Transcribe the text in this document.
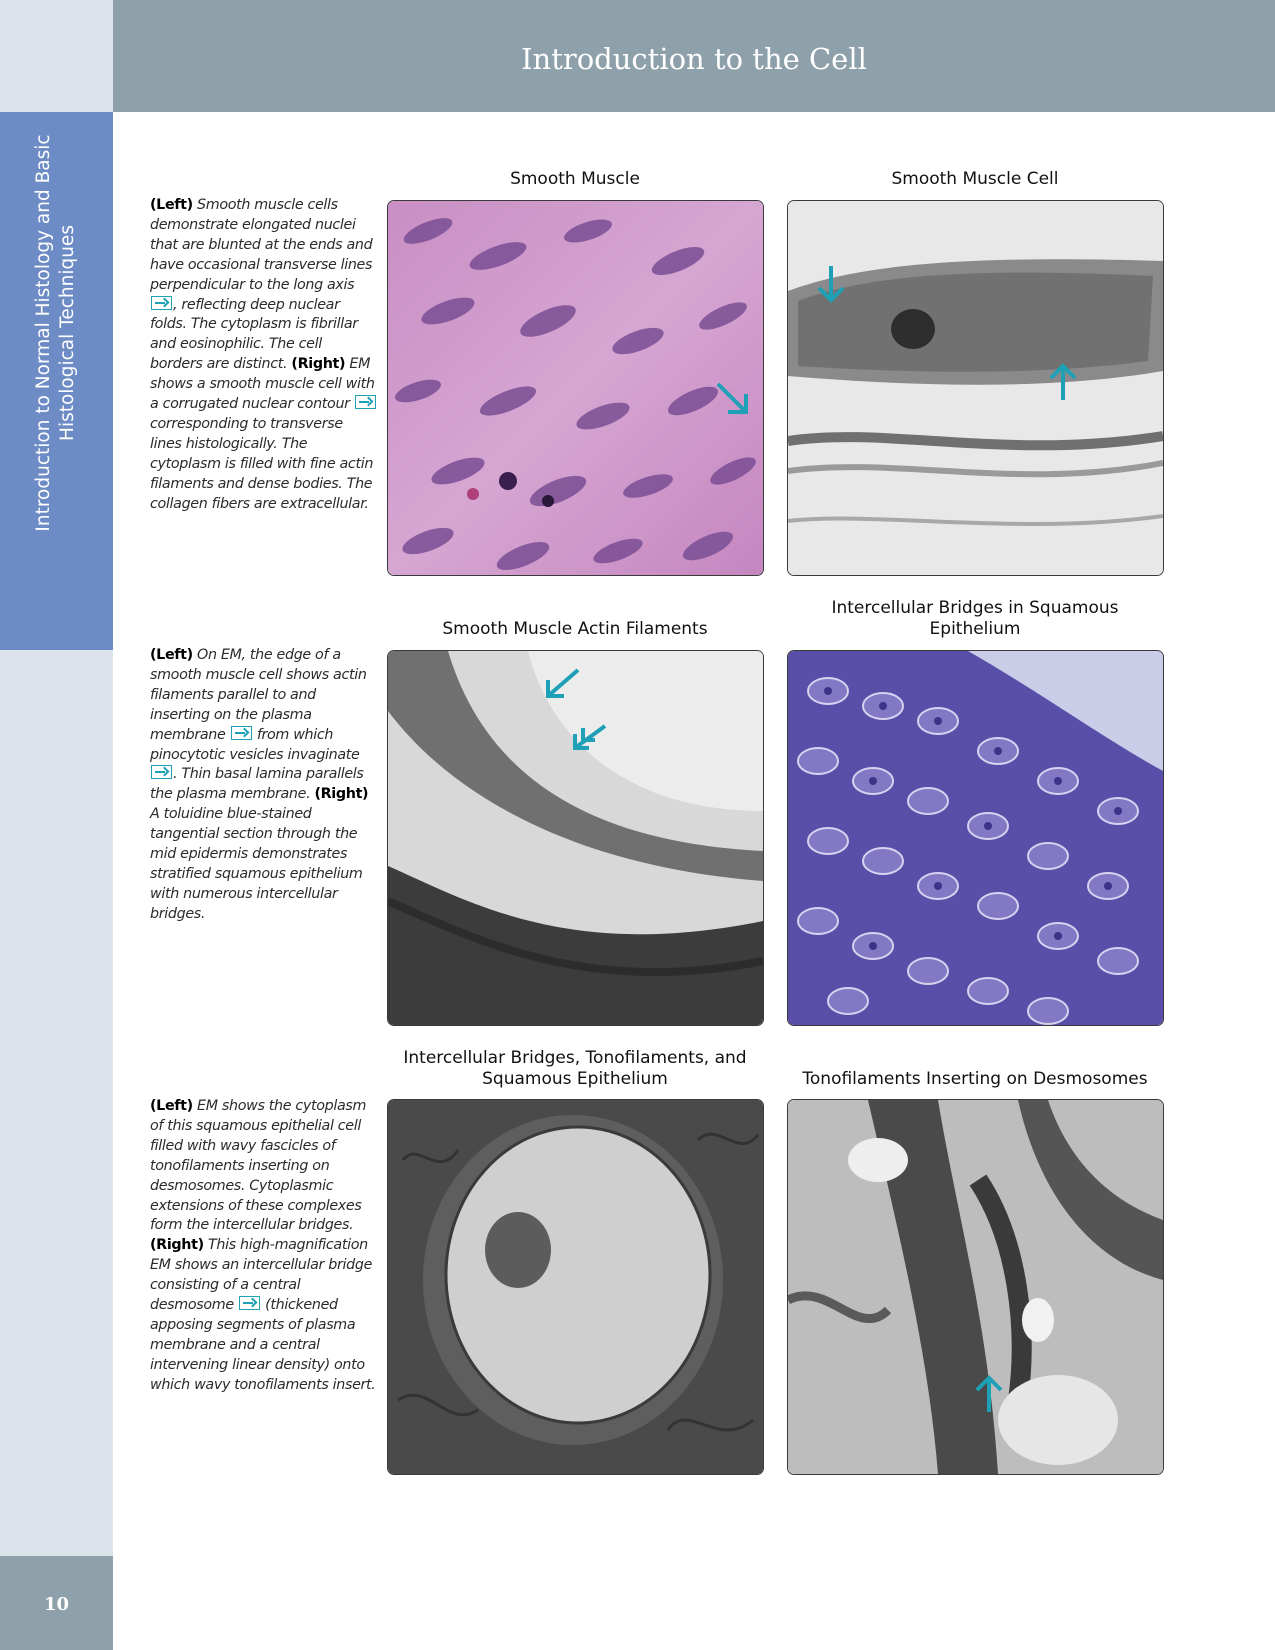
Introduction to the Cell
Introduction to Normal Histology and Basic Histological Techniques
10

(Left) Smooth muscle cells demonstrate elongated nuclei that are blunted at the ends and have occasional transverse lines perpendicular to the long axis , reflecting deep nuclear folds. The cytoplasm is fibrillar and eosinophilic. The cell borders are distinct. (Right) EM shows a smooth muscle cell with a corrugated nuclear contour  corresponding to transverse lines histologically. The cytoplasm is filled with fine actin filaments and dense bodies. The collagen fibers are extracellular.

(Left) On EM, the edge of a smooth muscle cell shows actin filaments parallel to and inserting on the plasma membrane from which pinocytotic vesicles invaginate . Thin basal lamina parallels the plasma membrane. (Right) A toluidine blue-stained tangential section through the mid epidermis demonstrates stratified squamous epithelium with numerous intercellular bridges.

(Left) EM shows the cytoplasm of this squamous epithelial cell filled with wavy fascicles of tonofilaments inserting on desmosomes. Cytoplasmic extensions of these complexes form the intercellular bridges. (Right) This high-magnification EM shows an intercellular bridge consisting of a central desmosome (thickened apposing segments of plasma membrane and a central intervening linear density) onto which wavy tonofilaments insert.

Smooth Muscle	Smooth Muscle Cell
Smooth Muscle Actin Filaments
Intercellular Bridges in Squamous
Epithelium
Intercellular Bridges, Tonofilaments, and
Squamous Epithelium	Tonofilaments Inserting on Desmosomes
